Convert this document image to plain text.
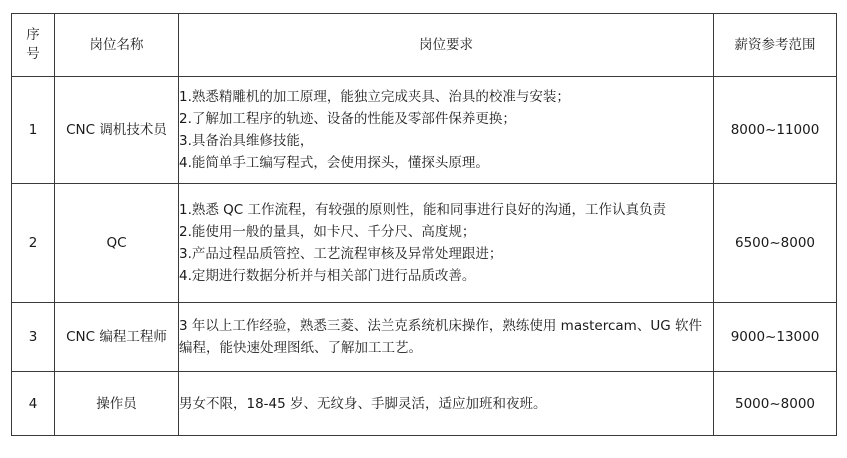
序
号	岗位名称	岗位要求	薪资参考范围
1	CNC 调机技术员	1.熟悉精雕机的加工原理，能独立完成夹具、治具的校准与安装；
2.了解加工程序的轨迹、设备的性能及零部件保养更换；
3.具备治具维修技能，
4.能简单手工编写程式，会使用探头，懂探头原理。	8000~11000
2	QC	1.熟悉 QC 工作流程，有较强的原则性，能和同事进行良好的沟通，工作认真负责
2.能使用一般的量具，如卡尺、千分尺、高度规；
3.产品过程品质管控、工艺流程审核及异常处理跟进；
4.定期进行数据分析并与相关部门进行品质改善。	6500~8000
3	CNC 编程工程师	3 年以上工作经验，熟悉三菱、法兰克系统机床操作，熟练使用 mastercam、UG 软件编程，能快速处理图纸、了解加工工艺。	9000~13000
4	操作员	男女不限，18-45 岁、无纹身、手脚灵活，适应加班和夜班。	5000~8000
